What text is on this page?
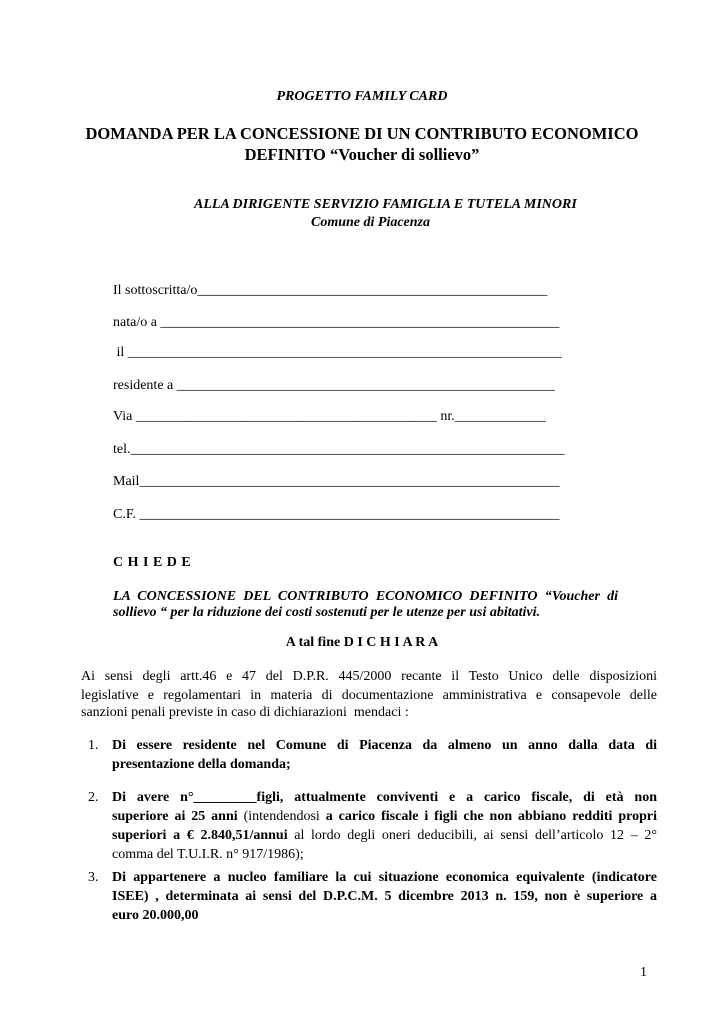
PROGETTO FAMILY CARD
DOMANDA PER LA CONCESSIONE DI UN CONTRIBUTO ECONOMICO
DEFINITO “Voucher di sollievo”
ALLA DIRIGENTE SERVIZIO FAMIGLIA E TUTELA MINORI
Comune di Piacenza
Il sottoscritta/o__________________________________________________
nata/o a _________________________________________________________
il ______________________________________________________________
residente a ______________________________________________________
Via ___________________________________________ nr._____________
tel.______________________________________________________________
Mail____________________________________________________________
C.F. ____________________________________________________________
C H I E D E
LA CONCESSIONE DEL CONTRIBUTO ECONOMICO DEFINITO “Voucher di
sollievo “ per la riduzione dei costi sostenuti per le utenze per usi abitativi.
A tal fine D I C H I A R A
Ai sensi degli artt.46 e 47 del D.P.R. 445/2000 recante il Testo Unico delle disposizioni
legislative e regolamentari in materia di documentazione amministrativa e consapevole delle
sanzioni penali previste in caso di dichiarazioni  mendaci :
1. Di essere residente nel Comune di Piacenza da almeno un anno dalla data di
presentazione della domanda;
2. Di avere n°_________figli, attualmente conviventi e a carico fiscale, di età non
superiore ai 25 anni (intendendosi a carico fiscale i figli che non abbiano redditi propri
superiori a € 2.840,51/annui al lordo degli oneri deducibili, ai sensi dell’articolo 12 – 2°
comma del T.U.I.R. n° 917/1986);
3. Di appartenere a nucleo familiare la cui situazione economica equivalente (indicatore
ISEE) , determinata ai sensi del D.P.C.M. 5 dicembre 2013 n. 159, non è superiore a
euro 20.000,00
1
